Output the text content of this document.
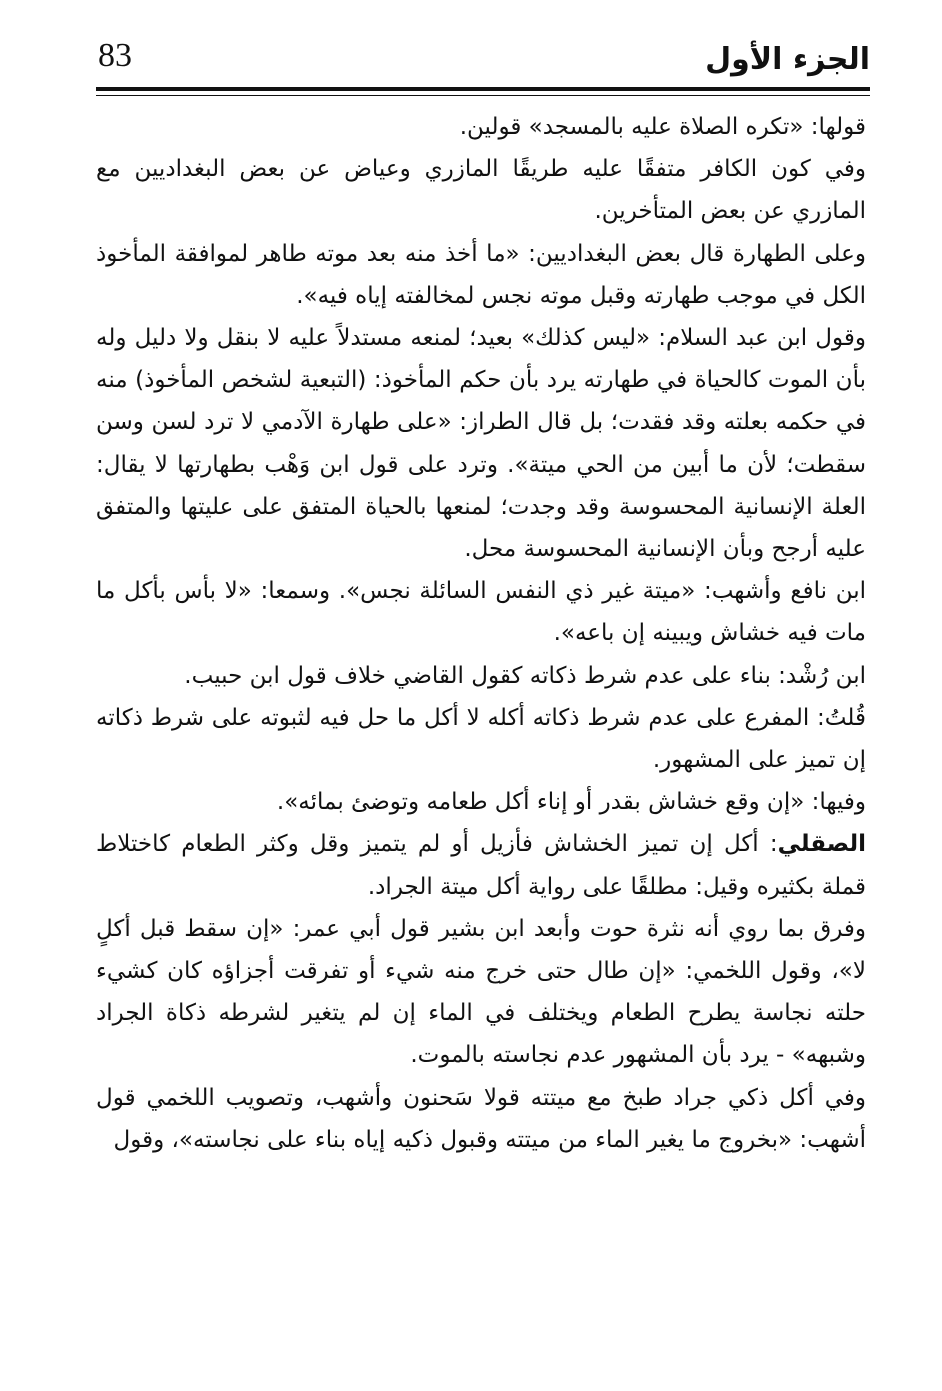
83	الجزء الأول

قولها: «تكره الصلاة عليه بالمسجد» قولين.

وفي كون الكافر متفقًا عليه طريقًا المازري وعياض عن بعض البغداديين مع المازري عن بعض المتأخرين.

وعلى الطهارة قال بعض البغداديين: «ما أخذ منه بعد موته طاهر لموافقة المأخوذ الكل في موجب طهارته وقبل موته نجس لمخالفته إياه فيه».

وقول ابن عبد السلام: «ليس كذلك» بعيد؛ لمنعه مستدلاً عليه لا بنقل ولا دليل وله بأن الموت كالحياة في طهارته يرد بأن حكم المأخوذ: (التبعية لشخص المأخوذ) منه في حكمه بعلته وقد فقدت؛ بل قال الطراز: «على طهارة الآدمي لا ترد لسن وسن سقطت؛ لأن ما أبين من الحي ميتة». وترد على قول ابن وَهْب بطهارتها لا يقال: العلة الإنسانية المحسوسة وقد وجدت؛ لمنعها بالحياة المتفق على عليتها والمتفق عليه أرجح وبأن الإنسانية المحسوسة محل.

ابن نافع وأشهب: «ميتة غير ذي النفس السائلة نجس». وسمعا: «لا بأس بأكل ما مات فيه خشاش ويبينه إن باعه».

ابن رُشْد: بناء على عدم شرط ذكاته كقول القاضي خلاف قول ابن حبيب.

قُلتُ: المفرع على عدم شرط ذكاته أكله لا أكل ما حل فيه لثبوته على شرط ذكاته إن تميز على المشهور.

وفيها: «إن وقع خشاش بقدر أو إناء أكل طعامه وتوضئ بمائه».

الصقلي: أكل إن تميز الخشاش فأزيل أو لم يتميز وقل وكثر الطعام كاختلاط قملة بكثيره وقيل: مطلقًا على رواية أكل ميتة الجراد.

وفرق بما روي أنه نثرة حوت وأبعد ابن بشير قول أبي عمر: «إن سقط قبل أكلٍ لا»، وقول اللخمي: «إن طال حتى خرج منه شيء أو تفرقت أجزاؤه كان كشيء حلته نجاسة يطرح الطعام ويختلف في الماء إن لم يتغير لشرطه ذكاة الجراد وشبهه» - يرد بأن المشهور عدم نجاسته بالموت.

وفي أكل ذكي جراد طبخ مع ميتته قولا سَحنون وأشهب، وتصويب اللخمي قول أشهب: «بخروج ما يغير الماء من ميتته وقبول ذكيه إياه بناء على نجاسته»، وقول
